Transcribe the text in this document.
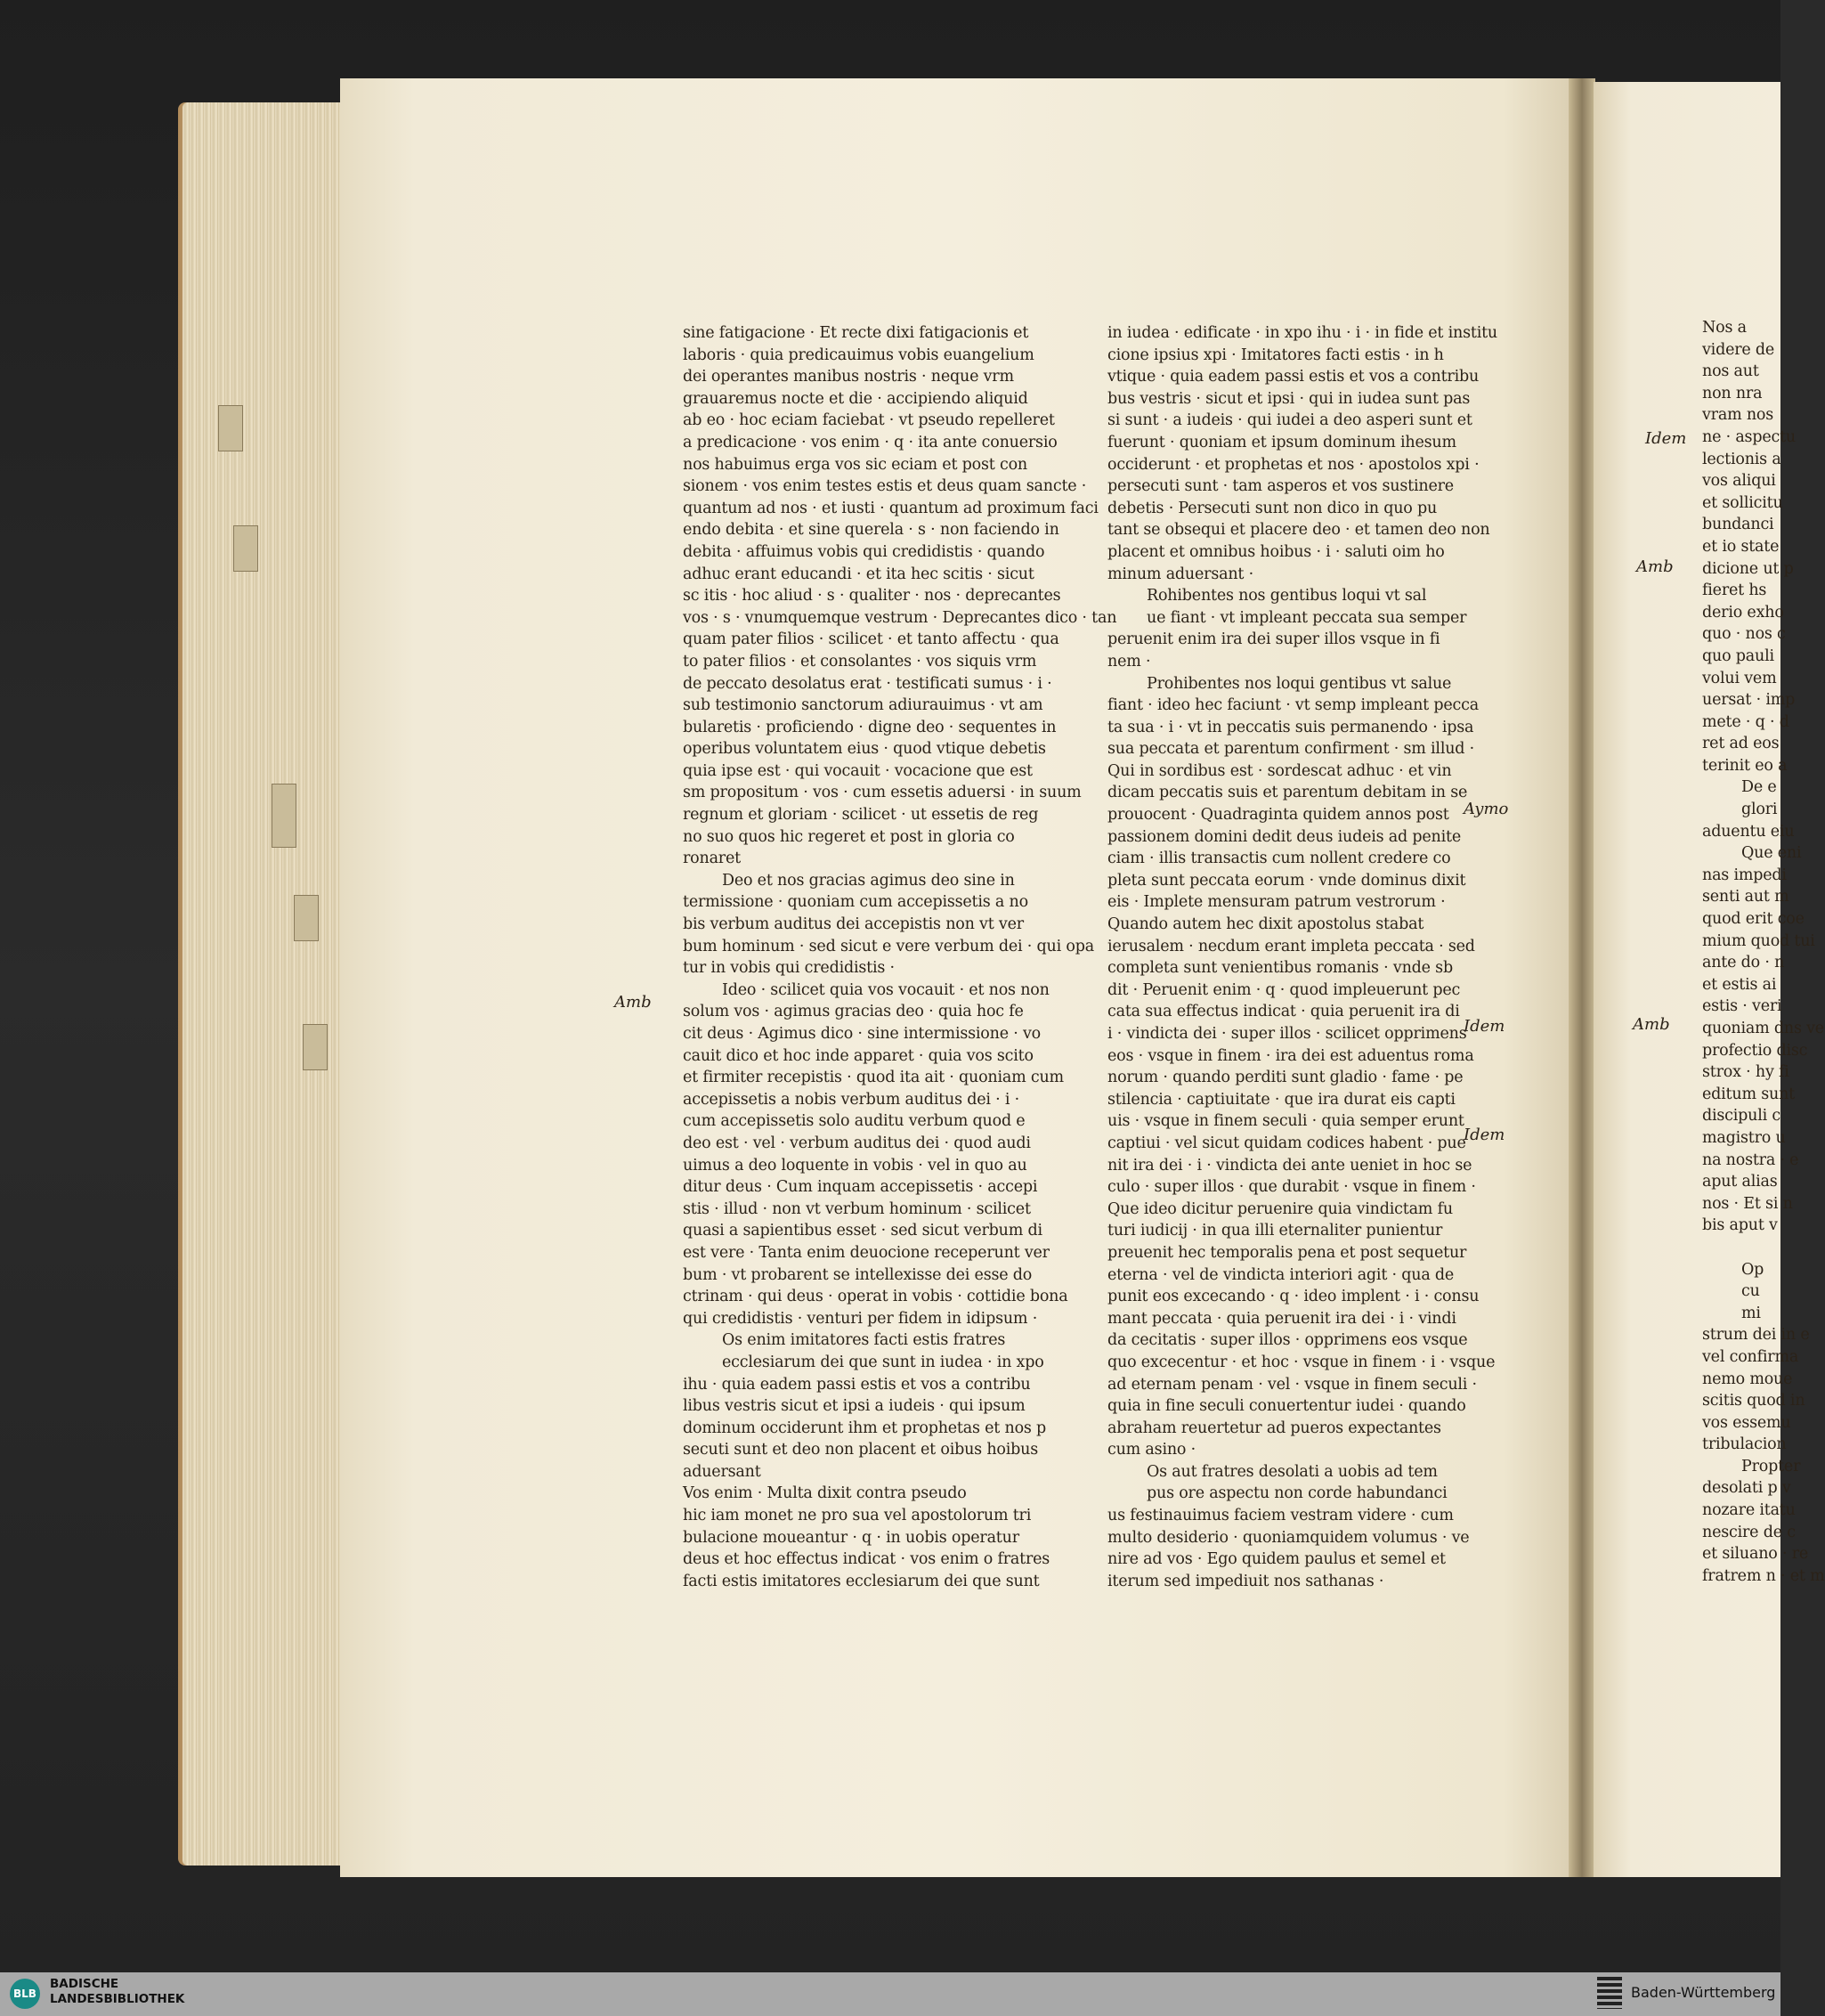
sine fatigacione · Et recte dixi fatigacionis et
laboris · quia predicauimus vobis euangelium
dei operantes manibus nostris · neque vrm
grauaremus nocte et die · accipiendo aliquid
ab eo · hoc eciam faciebat · vt pseudo repelleret
a predicacione · vos enim · q · ita ante conuersio
nos habuimus erga vos sic eciam et post con
sionem · vos enim testes estis et deus quam sancte ·
quantum ad nos · et iusti · quantum ad proximum faci
endo debita · et sine querela · s · non faciendo in
debita · affuimus vobis qui credidistis · quando
adhuc erant educandi · et ita hec scitis · sicut
sc itis · hoc aliud · s · qualiter · nos · deprecantes
vos · s · vnumquemque vestrum · Deprecantes dico · tan
quam pater filios · scilicet · et tanto affectu · qua
to pater filios · et consolantes · vos siquis vrm
de peccato desolatus erat · testificati sumus · i ·
sub testimonio sanctorum adiurauimus · vt am
bularetis · proficiendo · digne deo · sequentes in
operibus voluntatem eius · quod vtique debetis
quia ipse est · qui vocauit · vocacione que est
sm propositum · vos · cum essetis aduersi · in suum
regnum et gloriam · scilicet · ut essetis de reg
no suo quos hic regeret et post in gloria co
ronaret
Deo et nos gracias agimus deo sine in
termissione · quoniam cum accepissetis a no
bis verbum auditus dei accepistis non vt ver
bum hominum · sed sicut e vere verbum dei · qui opa
tur in vobis qui credidistis ·
Ideo · scilicet quia vos vocauit · et nos non
solum vos · agimus gracias deo · quia hoc fe
cit deus · Agimus dico · sine intermissione · vo
cauit dico et hoc inde apparet · quia vos scito
et firmiter recepistis · quod ita ait · quoniam cum
accepissetis a nobis verbum auditus dei · i ·
cum accepissetis solo auditu verbum quod e
deo est · vel · verbum auditus dei · quod audi
uimus a deo loquente in vobis · vel in quo au
ditur deus · Cum inquam accepissetis · accepi
stis · illud · non vt verbum hominum · scilicet
quasi a sapientibus esset · sed sicut verbum di
est vere · Tanta enim deuocione receperunt ver
bum · vt probarent se intellexisse dei esse do
ctrinam · qui deus · operat in vobis · cottidie bona
qui credidistis · venturi per fidem in idipsum ·
Os enim imitatores facti estis fratres
ecclesiarum dei que sunt in iudea · in xpo
ihu · quia eadem passi estis et vos a contribu
libus vestris sicut et ipsi a iudeis · qui ipsum
dominum occiderunt ihm et prophetas et nos p
secuti sunt et deo non placent et oibus hoibus
aduersant
Vos enim · Multa dixit contra pseudo
hic iam monet ne pro sua vel apostolorum tri
bulacione moueantur · q · in uobis operatur
deus et hoc effectus indicat · vos enim o fratres
facti estis imitatores ecclesiarum dei que sunt
in iudea · edificate · in xpo ihu · i · in fide et institu
cione ipsius xpi · Imitatores facti estis · in h
vtique · quia eadem passi estis et vos a contribu
bus vestris · sicut et ipsi · qui in iudea sunt pas
si sunt · a iudeis · qui iudei a deo asperi sunt et
fuerunt · quoniam et ipsum dominum ihesum
occiderunt · et prophetas et nos · apostolos xpi ·
persecuti sunt · tam asperos et vos sustinere
debetis · Persecuti sunt non dico in quo pu
tant se obsequi et placere deo · et tamen deo non
placent et omnibus hoibus · i · saluti oim ho
minum aduersant ·
Rohibentes nos gentibus loqui vt sal
ue fiant · vt impleant peccata sua semper
peruenit enim ira dei super illos vsque in fi
nem ·
Prohibentes nos loqui gentibus vt salue
fiant · ideo hec faciunt · vt semp impleant pecca
ta sua · i · vt in peccatis suis permanendo · ipsa
sua peccata et parentum confirment · sm illud ·
Qui in sordibus est · sordescat adhuc · et vin
dicam peccatis suis et parentum debitam in se
prouocent · Quadraginta quidem annos post
passionem domini dedit deus iudeis ad penite
ciam · illis transactis cum nollent credere co
pleta sunt peccata eorum · vnde dominus dixit
eis · Implete mensuram patrum vestrorum ·
Quando autem hec dixit apostolus stabat
ierusalem · necdum erant impleta peccata · sed
completa sunt venientibus romanis · vnde sb
dit · Peruenit enim · q · quod impleuerunt pec
cata sua effectus indicat · quia peruenit ira di
i · vindicta dei · super illos · scilicet opprimens
eos · vsque in finem · ira dei est aduentus roma
norum · quando perditi sunt gladio · fame · pe
stilencia · captiuitate · que ira durat eis capti
uis · vsque in finem seculi · quia semper erunt
captiui · vel sicut quidam codices habent · pue
nit ira dei · i · vindicta dei ante ueniet in hoc se
culo · super illos · que durabit · vsque in finem ·
Que ideo dicitur peruenire quia vindictam fu
turi iudicij · in qua illi eternaliter punientur
preuenit hec temporalis pena et post sequetur
eterna · vel de vindicta interiori agit · qua de
punit eos excecando · q · ideo implent · i · consu
mant peccata · quia peruenit ira dei · i · vindi
da cecitatis · super illos · opprimens eos vsque
quo excecentur · et hoc · vsque in finem · i · vsque
ad eternam penam · vel · vsque in finem seculi ·
quia in fine seculi conuertentur iudei · quando
abraham reuertetur ad pueros expectantes
cum asino ·
Os aut fratres desolati a uobis ad tem
pus ore aspectu non corde habundanci
us festinauimus faciem vestram videre · cum
multo desiderio · quoniamquidem volumus · ve
nire ad vos · Ego quidem paulus et semel et
iterum sed impediuit nos sathanas ·
Nos a
videre de
nos aut
non nra
vram nos
ne · aspectu
lectionis a
vos aliqui
et sollicitu
bundanci
et io state
dicione ut p
fieret hs
derio exho
quo · nos c
quo pauli
volui vem
uersat · imp
mete · q · d
ret ad eos
terinit eo a
De e
glori
aduentu eiu
Que eni
nas impedi
senti aut m
quod erit coe
mium quod tui
ante do · n
et estis ai
estis · veri
quoniam dns ve
profectio disc
strox · hy fi
editum sunt
discipuli c
magistro u
na nostra · e
aput alias
nos · Et si n
bis aput v
Op
cu
mi
strum dei in e
vel confirma
nemo moue
scitis quod in
vos essemu
tribulacion
Propter
desolati p v
nozare itatu
nescire de c
et siluano · re
fratrem n · et m
Amb
Aymo
Idem
Idem
Idem
Amb
Amb
BLB
BADISCHE
LANDESBIBLIOTHEK	Baden-Württemberg
